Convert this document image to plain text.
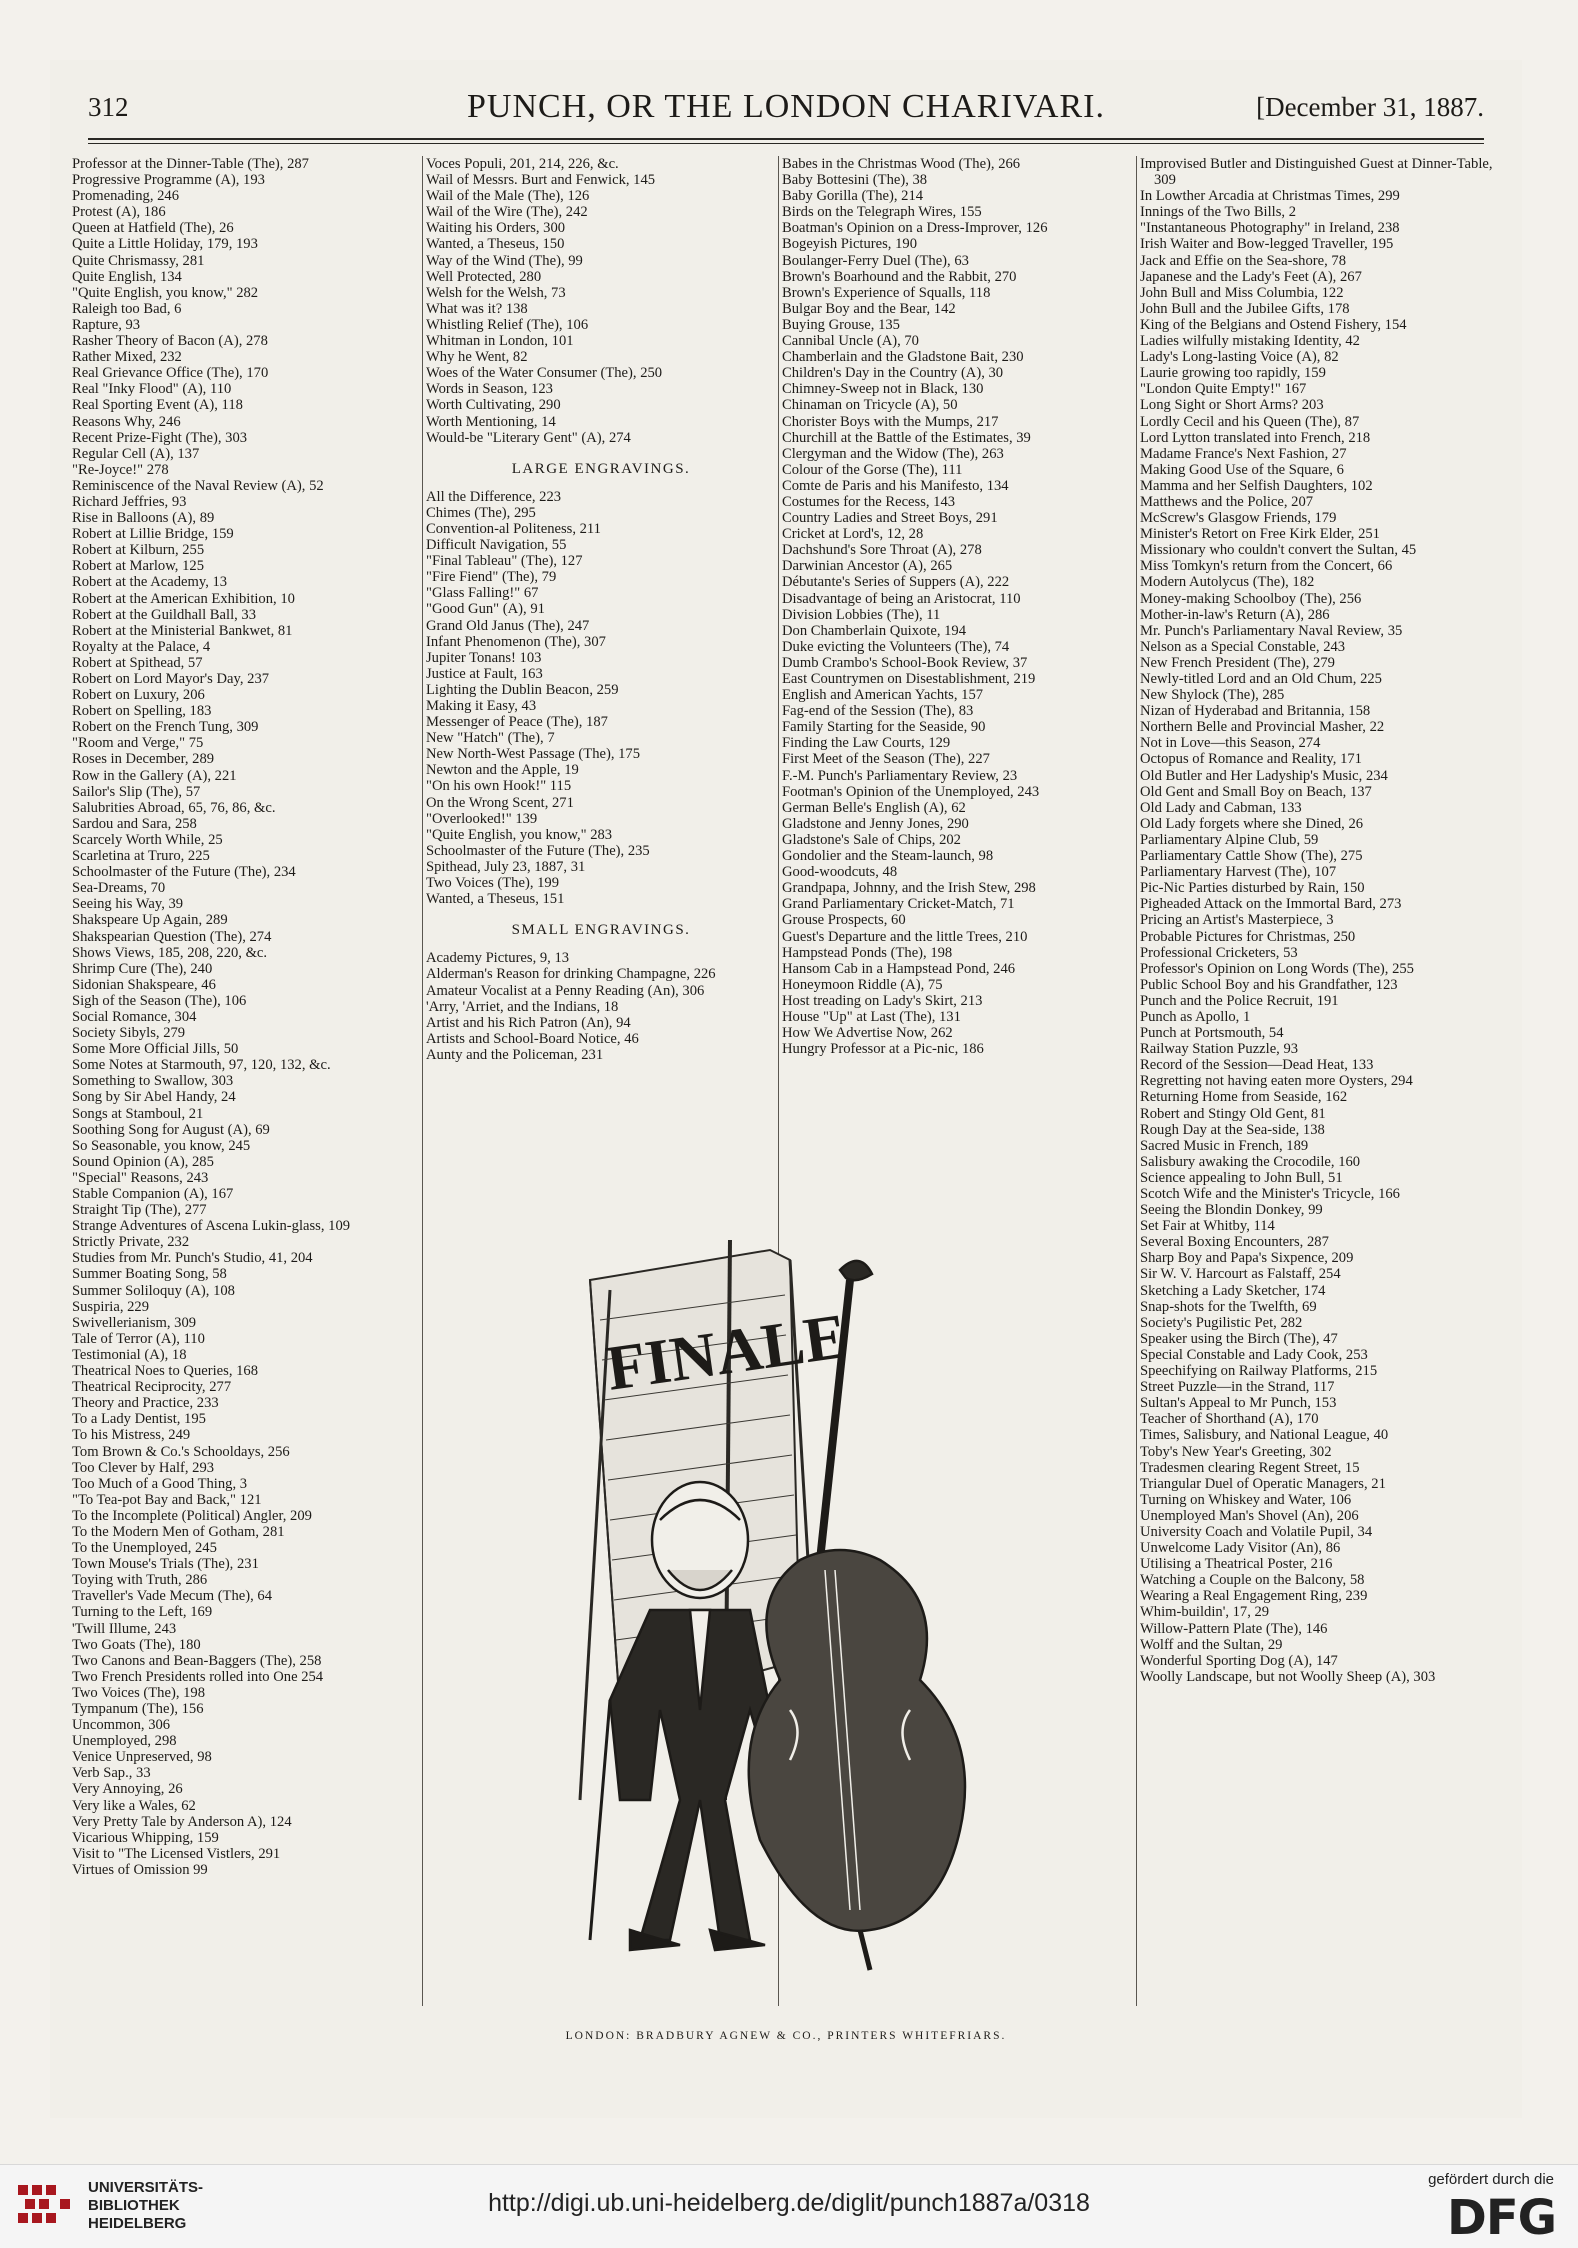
312	PUNCH, OR THE LONDON CHARIVARI.	[December 31, 1887.
Professor at the Dinner-Table (The), 287
Progressive Programme (A), 193
Promenading, 246
Protest (A), 186
Queen at Hatfield (The), 26
Quite a Little Holiday, 179, 193
Quite Chrismassy, 281
Quite English, 134
"Quite English, you know," 282
Raleigh too Bad, 6
Rapture, 93
Rasher Theory of Bacon (A), 278
Rather Mixed, 232
Real Grievance Office (The), 170
Real "Inky Flood" (A), 110
Real Sporting Event (A), 118
Reasons Why, 246
Recent Prize-Fight (The), 303
Regular Cell (A), 137
"Re-Joyce!" 278
Reminiscence of the Naval Review (A), 52
Richard Jeffries, 93
Rise in Balloons (A), 89
Robert at Lillie Bridge, 159
Robert at Kilburn, 255
Robert at Marlow, 125
Robert at the Academy, 13
Robert at the American Exhibition, 10
Robert at the Guildhall Ball, 33
Robert at the Ministerial Bankwet, 81
Royalty at the Palace, 4
Robert at Spithead, 57
Robert on Lord Mayor's Day, 237
Robert on Luxury, 206
Robert on Spelling, 183
Robert on the French Tung, 309
"Room and Verge," 75
Roses in December, 289
Row in the Gallery (A), 221
Sailor's Slip (The), 57
Salubrities Abroad, 65, 76, 86, &c.
Sardou and Sara, 258
Scarcely Worth While, 25
Scarletina at Truro, 225
Schoolmaster of the Future (The), 234
Sea-Dreams, 70
Seeing his Way, 39
Shakspeare Up Again, 289
Shakspearian Question (The), 274
Shows Views, 185, 208, 220, &c.
Shrimp Cure (The), 240
Sidonian Shakspeare, 46
Sigh of the Season (The), 106
Social Romance, 304
Society Sibyls, 279
Some More Official Jills, 50
Some Notes at Starmouth, 97, 120, 132, &c.
Something to Swallow, 303
Song by Sir Abel Handy, 24
Songs at Stamboul, 21
Soothing Song for August (A), 69
So Seasonable, you know, 245
Sound Opinion (A), 285
"Special" Reasons, 243
Stable Companion (A), 167
Straight Tip (The), 277
Strange Adventures of Ascena Lukin-glass, 109
Strictly Private, 232
Studies from Mr. Punch's Studio, 41, 204
Summer Boating Song, 58
Summer Soliloquy (A), 108
Suspiria, 229
Swivellerianism, 309
Tale of Terror (A), 110
Testimonial (A), 18
Theatrical Noes to Queries, 168
Theatrical Reciprocity, 277
Theory and Practice, 233
To a Lady Dentist, 195
To his Mistress, 249
Tom Brown & Co.'s Schooldays, 256
Too Clever by Half, 293
Too Much of a Good Thing, 3
"To Tea-pot Bay and Back," 121
To the Incomplete (Political) Angler, 209
To the Modern Men of Gotham, 281
To the Unemployed, 245
Town Mouse's Trials (The), 231
Toying with Truth, 286
Traveller's Vade Mecum (The), 64
Turning to the Left, 169
'Twill Illume, 243
Two Goats (The), 180
Two Canons and Bean-Baggers (The), 258
Two French Presidents rolled into One 254
Two Voices (The), 198
Tympanum (The), 156
Uncommon, 306
Unemployed, 298
Venice Unpreserved, 98
Verb Sap., 33
Very Annoying, 26
Very like a Wales, 62
Very Pretty Tale by Anderson A), 124
Vicarious Whipping, 159
Visit to "The Licensed Vistlers, 291
Virtues of Omission 99
Voces Populi, 201, 214, 226, &c.
Wail of Messrs. Burt and Fenwick, 145
Wail of the Male (The), 126
Wail of the Wire (The), 242
Waiting his Orders, 300
Wanted, a Theseus, 150
Way of the Wind (The), 99
Well Protected, 280
Welsh for the Welsh, 73
What was it? 138
Whistling Relief (The), 106
Whitman in London, 101
Why he Went, 82
Woes of the Water Consumer (The), 250
Words in Season, 123
Worth Cultivating, 290
Worth Mentioning, 14
Would-be "Literary Gent" (A), 274
LARGE ENGRAVINGS.
All the Difference, 223
Chimes (The), 295
Convention-al Politeness, 211
Difficult Navigation, 55
"Final Tableau" (The), 127
"Fire Fiend" (The), 79
"Glass Falling!" 67
"Good Gun" (A), 91
Grand Old Janus (The), 247
Infant Phenomenon (The), 307
Jupiter Tonans! 103
Justice at Fault, 163
Lighting the Dublin Beacon, 259
Making it Easy, 43
Messenger of Peace (The), 187
New "Hatch" (The), 7
New North-West Passage (The), 175
Newton and the Apple, 19
"On his own Hook!" 115
On the Wrong Scent, 271
"Overlooked!" 139
"Quite English, you know," 283
Schoolmaster of the Future (The), 235
Spithead, July 23, 1887, 31
Two Voices (The), 199
Wanted, a Theseus, 151
SMALL ENGRAVINGS.
Academy Pictures, 9, 13
Alderman's Reason for drinking Champagne, 226
Amateur Vocalist at a Penny Reading (An), 306
'Arry, 'Arriet, and the Indians, 18
Artist and his Rich Patron (An), 94
Artists and School-Board Notice, 46
Aunty and the Policeman, 231
Babes in the Christmas Wood (The), 266
Baby Bottesini (The), 38
Baby Gorilla (The), 214
Birds on the Telegraph Wires, 155
Boatman's Opinion on a Dress-Improver, 126
Bogeyish Pictures, 190
Boulanger-Ferry Duel (The), 63
Brown's Boarhound and the Rabbit, 270
Brown's Experience of Squalls, 118
Bulgar Boy and the Bear, 142
Buying Grouse, 135
Cannibal Uncle (A), 70
Chamberlain and the Gladstone Bait, 230
Children's Day in the Country (A), 30
Chimney-Sweep not in Black, 130
Chinaman on Tricycle (A), 50
Chorister Boys with the Mumps, 217
Churchill at the Battle of the Estimates, 39
Clergyman and the Widow (The), 263
Colour of the Gorse (The), 111
Comte de Paris and his Manifesto, 134
Costumes for the Recess, 143
Country Ladies and Street Boys, 291
Cricket at Lord's, 12, 28
Dachshund's Sore Throat (A), 278
Darwinian Ancestor (A), 265
Débutante's Series of Suppers (A), 222
Disadvantage of being an Aristocrat, 110
Division Lobbies (The), 11
Don Chamberlain Quixote, 194
Duke evicting the Volunteers (The), 74
Dumb Crambo's School-Book Review, 37
East Countrymen on Disestablishment, 219
English and American Yachts, 157
Fag-end of the Session (The), 83
Family Starting for the Seaside, 90
Finding the Law Courts, 129
First Meet of the Season (The), 227
F.-M. Punch's Parliamentary Review, 23
Footman's Opinion of the Unemployed, 243
German Belle's English (A), 62
Gladstone and Jenny Jones, 290
Gladstone's Sale of Chips, 202
Gondolier and the Steam-launch, 98
Good-woodcuts, 48
Grandpapa, Johnny, and the Irish Stew, 298
Grand Parliamentary Cricket-Match, 71
Grouse Prospects, 60
Guest's Departure and the little Trees, 210
Hampstead Ponds (The), 198
Hansom Cab in a Hampstead Pond, 246
Honeymoon Riddle (A), 75
Host treading on Lady's Skirt, 213
House "Up" at Last (The), 131
How We Advertise Now, 262
Hungry Professor at a Pic-nic, 186
Improvised Butler and Distinguished Guest at Dinner-Table, 309
In Lowther Arcadia at Christmas Times, 299
Innings of the Two Bills, 2
"Instantaneous Photography" in Ireland, 238
Irish Waiter and Bow-legged Traveller, 195
Jack and Effie on the Sea-shore, 78
Japanese and the Lady's Feet (A), 267
John Bull and Miss Columbia, 122
John Bull and the Jubilee Gifts, 178
King of the Belgians and Ostend Fishery, 154
Ladies wilfully mistaking Identity, 42
Lady's Long-lasting Voice (A), 82
Laurie growing too rapidly, 159
"London Quite Empty!" 167
Long Sight or Short Arms? 203
Lordly Cecil and his Queen (The), 87
Lord Lytton translated into French, 218
Madame France's Next Fashion, 27
Making Good Use of the Square, 6
Mamma and her Selfish Daughters, 102
Matthews and the Police, 207
McScrew's Glasgow Friends, 179
Minister's Retort on Free Kirk Elder, 251
Missionary who couldn't convert the Sultan, 45
Miss Tomkyn's return from the Concert, 66
Modern Autolycus (The), 182
Money-making Schoolboy (The), 256
Mother-in-law's Return (A), 286
Mr. Punch's Parliamentary Naval Review, 35
Nelson as a Special Constable, 243
New French President (The), 279
Newly-titled Lord and an Old Chum, 225
New Shylock (The), 285
Nizan of Hyderabad and Britannia, 158
Northern Belle and Provincial Masher, 22
Not in Love—this Season, 274
Octopus of Romance and Reality, 171
Old Butler and Her Ladyship's Music, 234
Old Gent and Small Boy on Beach, 137
Old Lady and Cabman, 133
Old Lady forgets where she Dined, 26
Parliamentary Alpine Club, 59
Parliamentary Cattle Show (The), 275
Parliamentary Harvest (The), 107
Pic-Nic Parties disturbed by Rain, 150
Pigheaded Attack on the Immortal Bard, 273
Pricing an Artist's Masterpiece, 3
Probable Pictures for Christmas, 250
Professional Cricketers, 53
Professor's Opinion on Long Words (The), 255
Public School Boy and his Grandfather, 123
Punch and the Police Recruit, 191
Punch as Apollo, 1
Punch at Portsmouth, 54
Railway Station Puzzle, 93
Record of the Session—Dead Heat, 133
Regretting not having eaten more Oysters, 294
Returning Home from Seaside, 162
Robert and Stingy Old Gent, 81
Rough Day at the Sea-side, 138
Sacred Music in French, 189
Salisbury awaking the Crocodile, 160
Science appealing to John Bull, 51
Scotch Wife and the Minister's Tricycle, 166
Seeing the Blondin Donkey, 99
Set Fair at Whitby, 114
Several Boxing Encounters, 287
Sharp Boy and Papa's Sixpence, 209
Sir W. V. Harcourt as Falstaff, 254
Sketching a Lady Sketcher, 174
Snap-shots for the Twelfth, 69
Society's Pugilistic Pet, 282
Speaker using the Birch (The), 47
Special Constable and Lady Cook, 253
Speechifying on Railway Platforms, 215
Street Puzzle—in the Strand, 117
Sultan's Appeal to Mr Punch, 153
Teacher of Shorthand (A), 170
Times, Salisbury, and National League, 40
Toby's New Year's Greeting, 302
Tradesmen clearing Regent Street, 15
Triangular Duel of Operatic Managers, 21
Turning on Whiskey and Water, 106
Unemployed Man's Shovel (An), 206
University Coach and Volatile Pupil, 34
Unwelcome Lady Visitor (An), 86
Utilising a Theatrical Poster, 216
Watching a Couple on the Balcony, 58
Wearing a Real Engagement Ring, 239
Whim-buildin', 17, 29
Willow-Pattern Plate (The), 146
Wolff and the Sultan, 29
Wonderful Sporting Dog (A), 147
Woolly Landscape, but not Woolly Sheep (A), 303
FINALE
LONDON: BRADBURY AGNEW & CO., PRINTERS WHITEFRIARS.
UNIVERSITÄTS-
BIBLIOTHEK
HEIDELBERG
http://digi.ub.uni-heidelberg.de/diglit/punch1887a/0318
gefördert durch die
DFG
